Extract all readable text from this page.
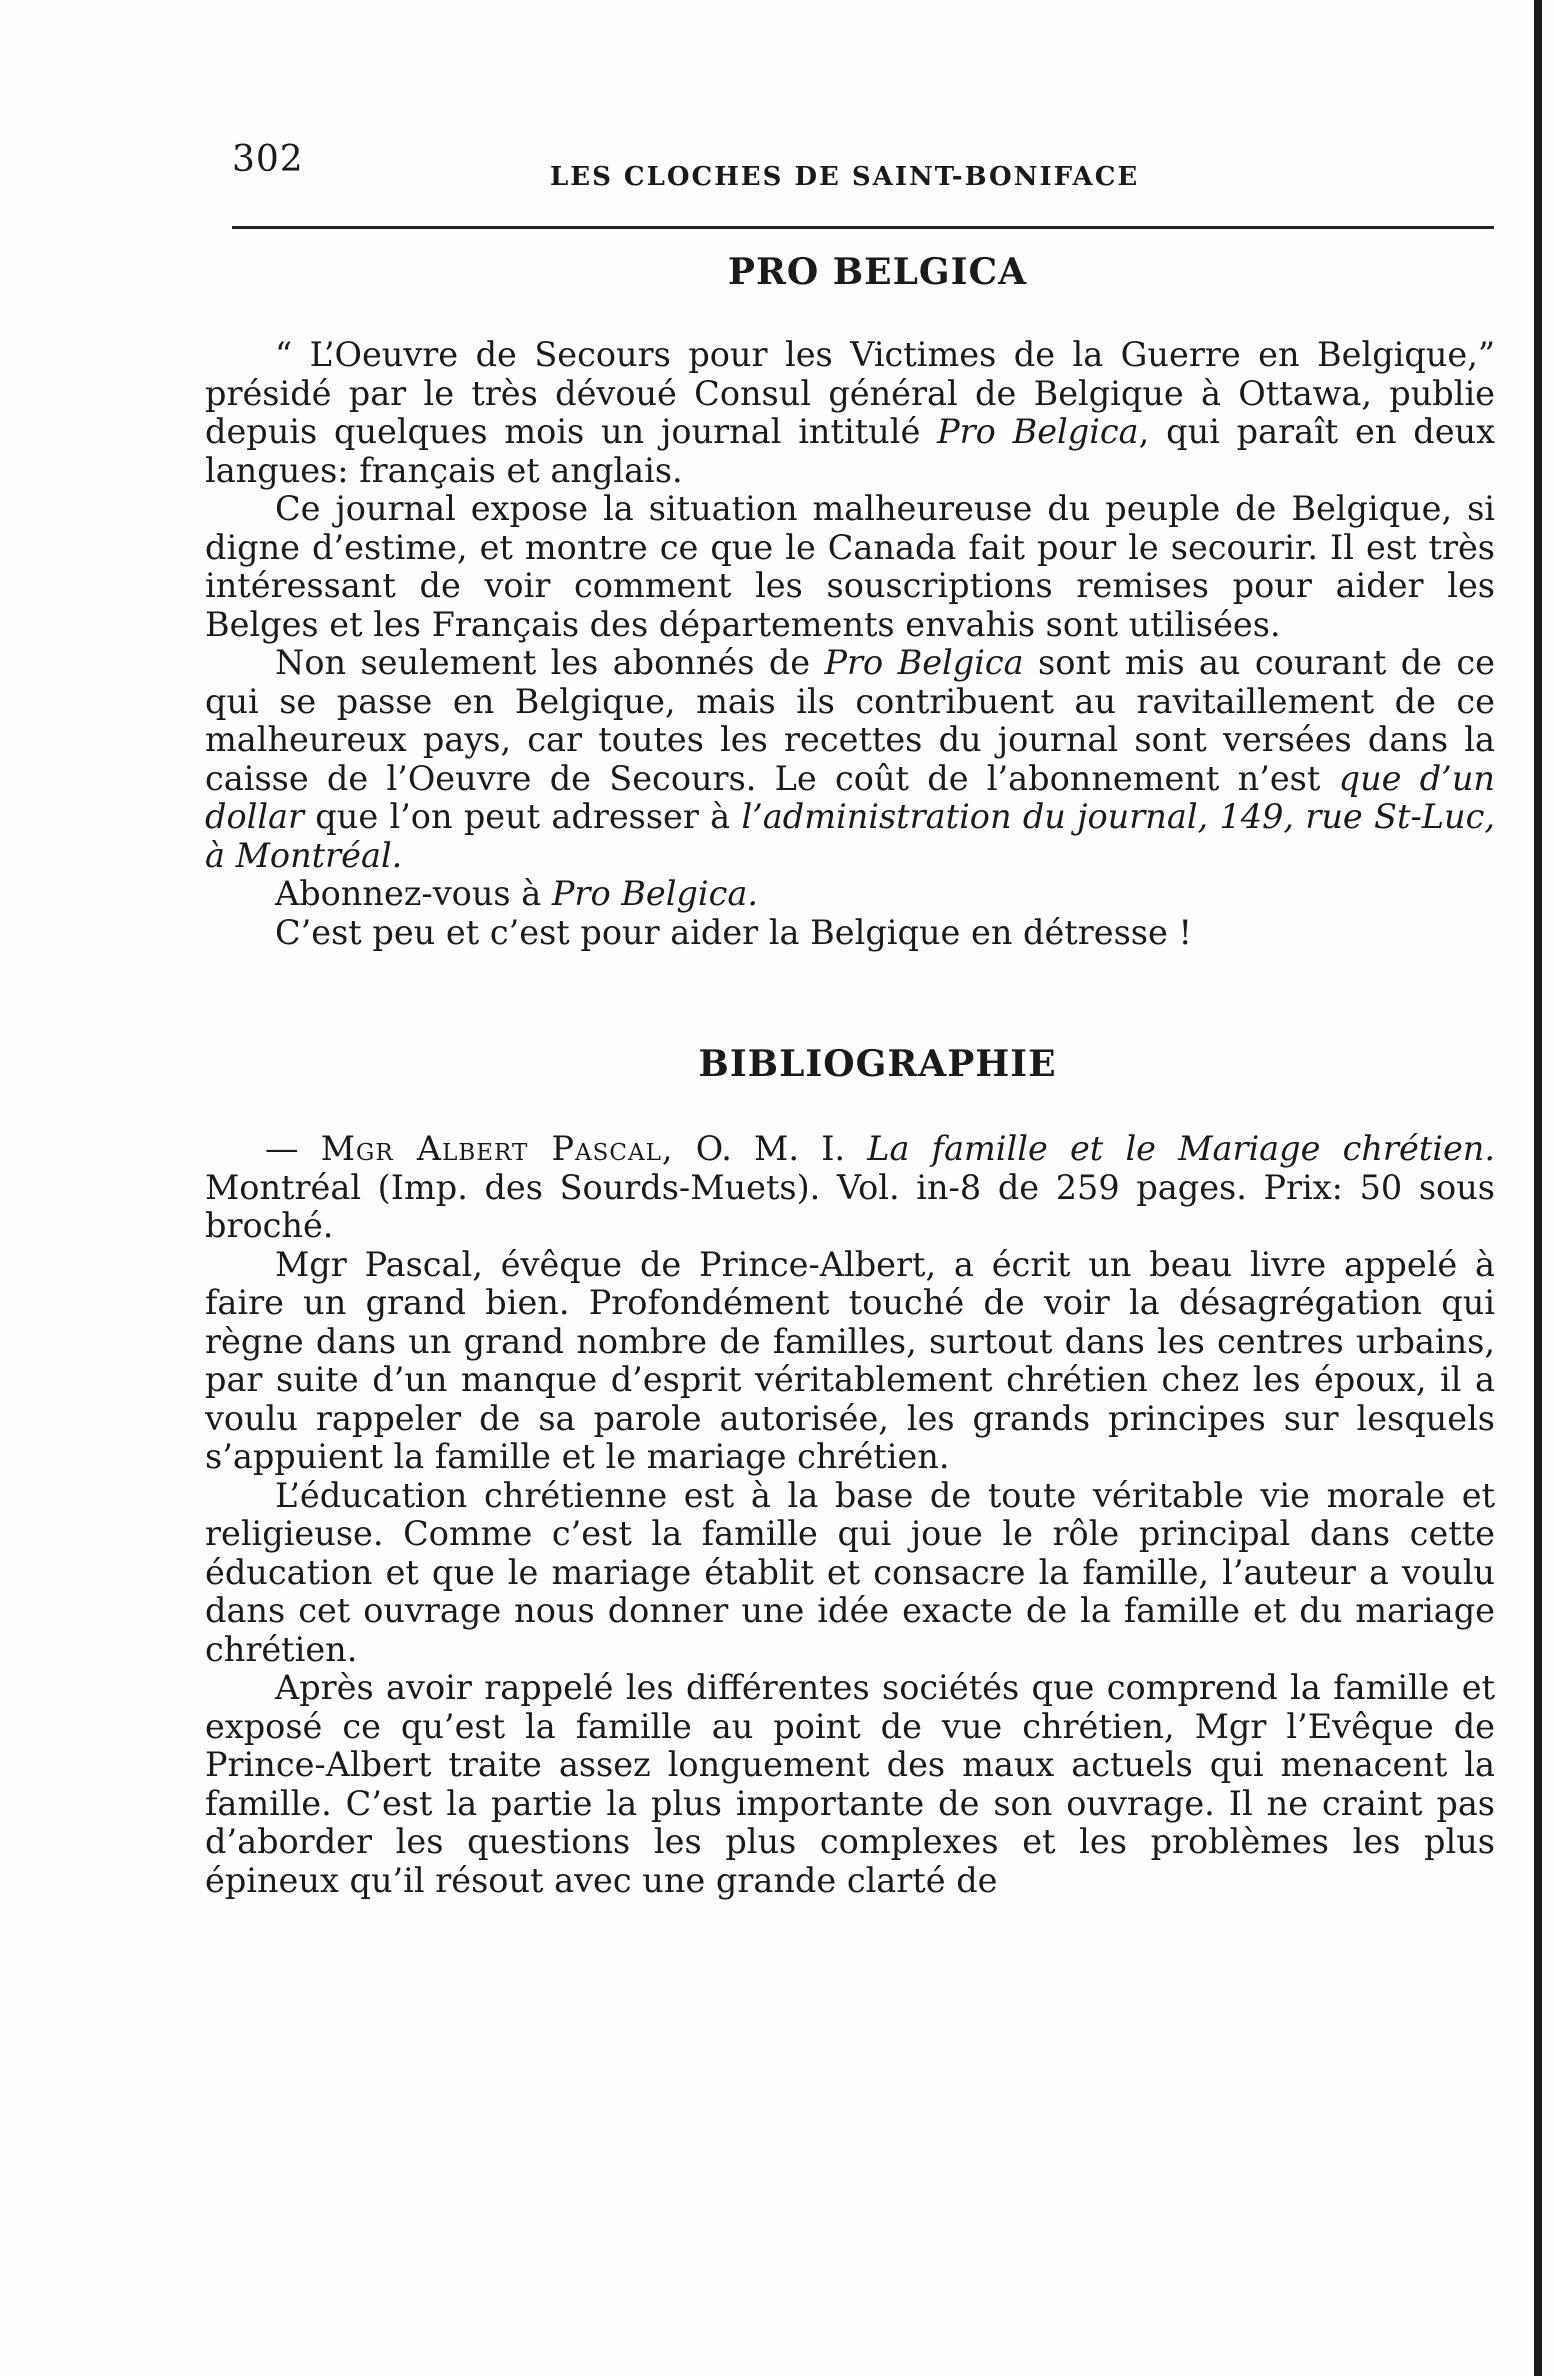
302	LES CLOCHES DE SAINT-BONIFACE
PRO BELGICA

“ L’Oeuvre de Secours pour les Victimes de la Guerre en Belgique,” présidé par le très dévoué Consul général de Belgique à Ottawa, publie depuis quelques mois un journal intitulé Pro Belgica, qui paraît en deux langues: français et anglais.

Ce journal expose la situation malheureuse du peuple de Belgique, si digne d’estime, et montre ce que le Canada fait pour le secourir. Il est très intéressant de voir comment les souscriptions remises pour aider les Belges et les Français des départements envahis sont utilisées.

Non seulement les abonnés de Pro Belgica sont mis au courant de ce qui se passe en Belgique, mais ils contribuent au ravitaillement de ce malheureux pays, car toutes les recettes du journal sont versées dans la caisse de l’Oeuvre de Secours. Le coût de l’abonnement n’est que d’un dollar que l’on peut adresser à l’administration du journal, 149, rue St-Luc, à Montréal.

Abonnez-vous à Pro Belgica.

C’est peu et c’est pour aider la Belgique en détresse !

BIBLIOGRAPHIE

— Mgr Albert Pascal, O. M. I. La famille et le Mariage chrétien. Montréal (Imp. des Sourds-Muets). Vol. in-8 de 259 pages. Prix: 50 sous broché.

Mgr Pascal, évêque de Prince-Albert, a écrit un beau livre appelé à faire un grand bien. Profondément touché de voir la désagrégation qui règne dans un grand nombre de familles, surtout dans les centres urbains, par suite d’un manque d’esprit véritablement chrétien chez les époux, il a voulu rappeler de sa parole autorisée, les grands principes sur lesquels s’appuient la famille et le mariage chrétien.

L’éducation chrétienne est à la base de toute véritable vie morale et religieuse. Comme c’est la famille qui joue le rôle principal dans cette éducation et que le mariage établit et consacre la famille, l’auteur a voulu dans cet ouvrage nous donner une idée exacte de la famille et du mariage chrétien.

Après avoir rappelé les différentes sociétés que comprend la famille et exposé ce qu’est la famille au point de vue chrétien, Mgr l’Evêque de Prince-Albert traite assez longuement des maux actuels qui menacent la famille. C’est la partie la plus importante de son ouvrage. Il ne craint pas d’aborder les questions les plus complexes et les problèmes les plus épineux qu’il résout avec une grande clarté de
